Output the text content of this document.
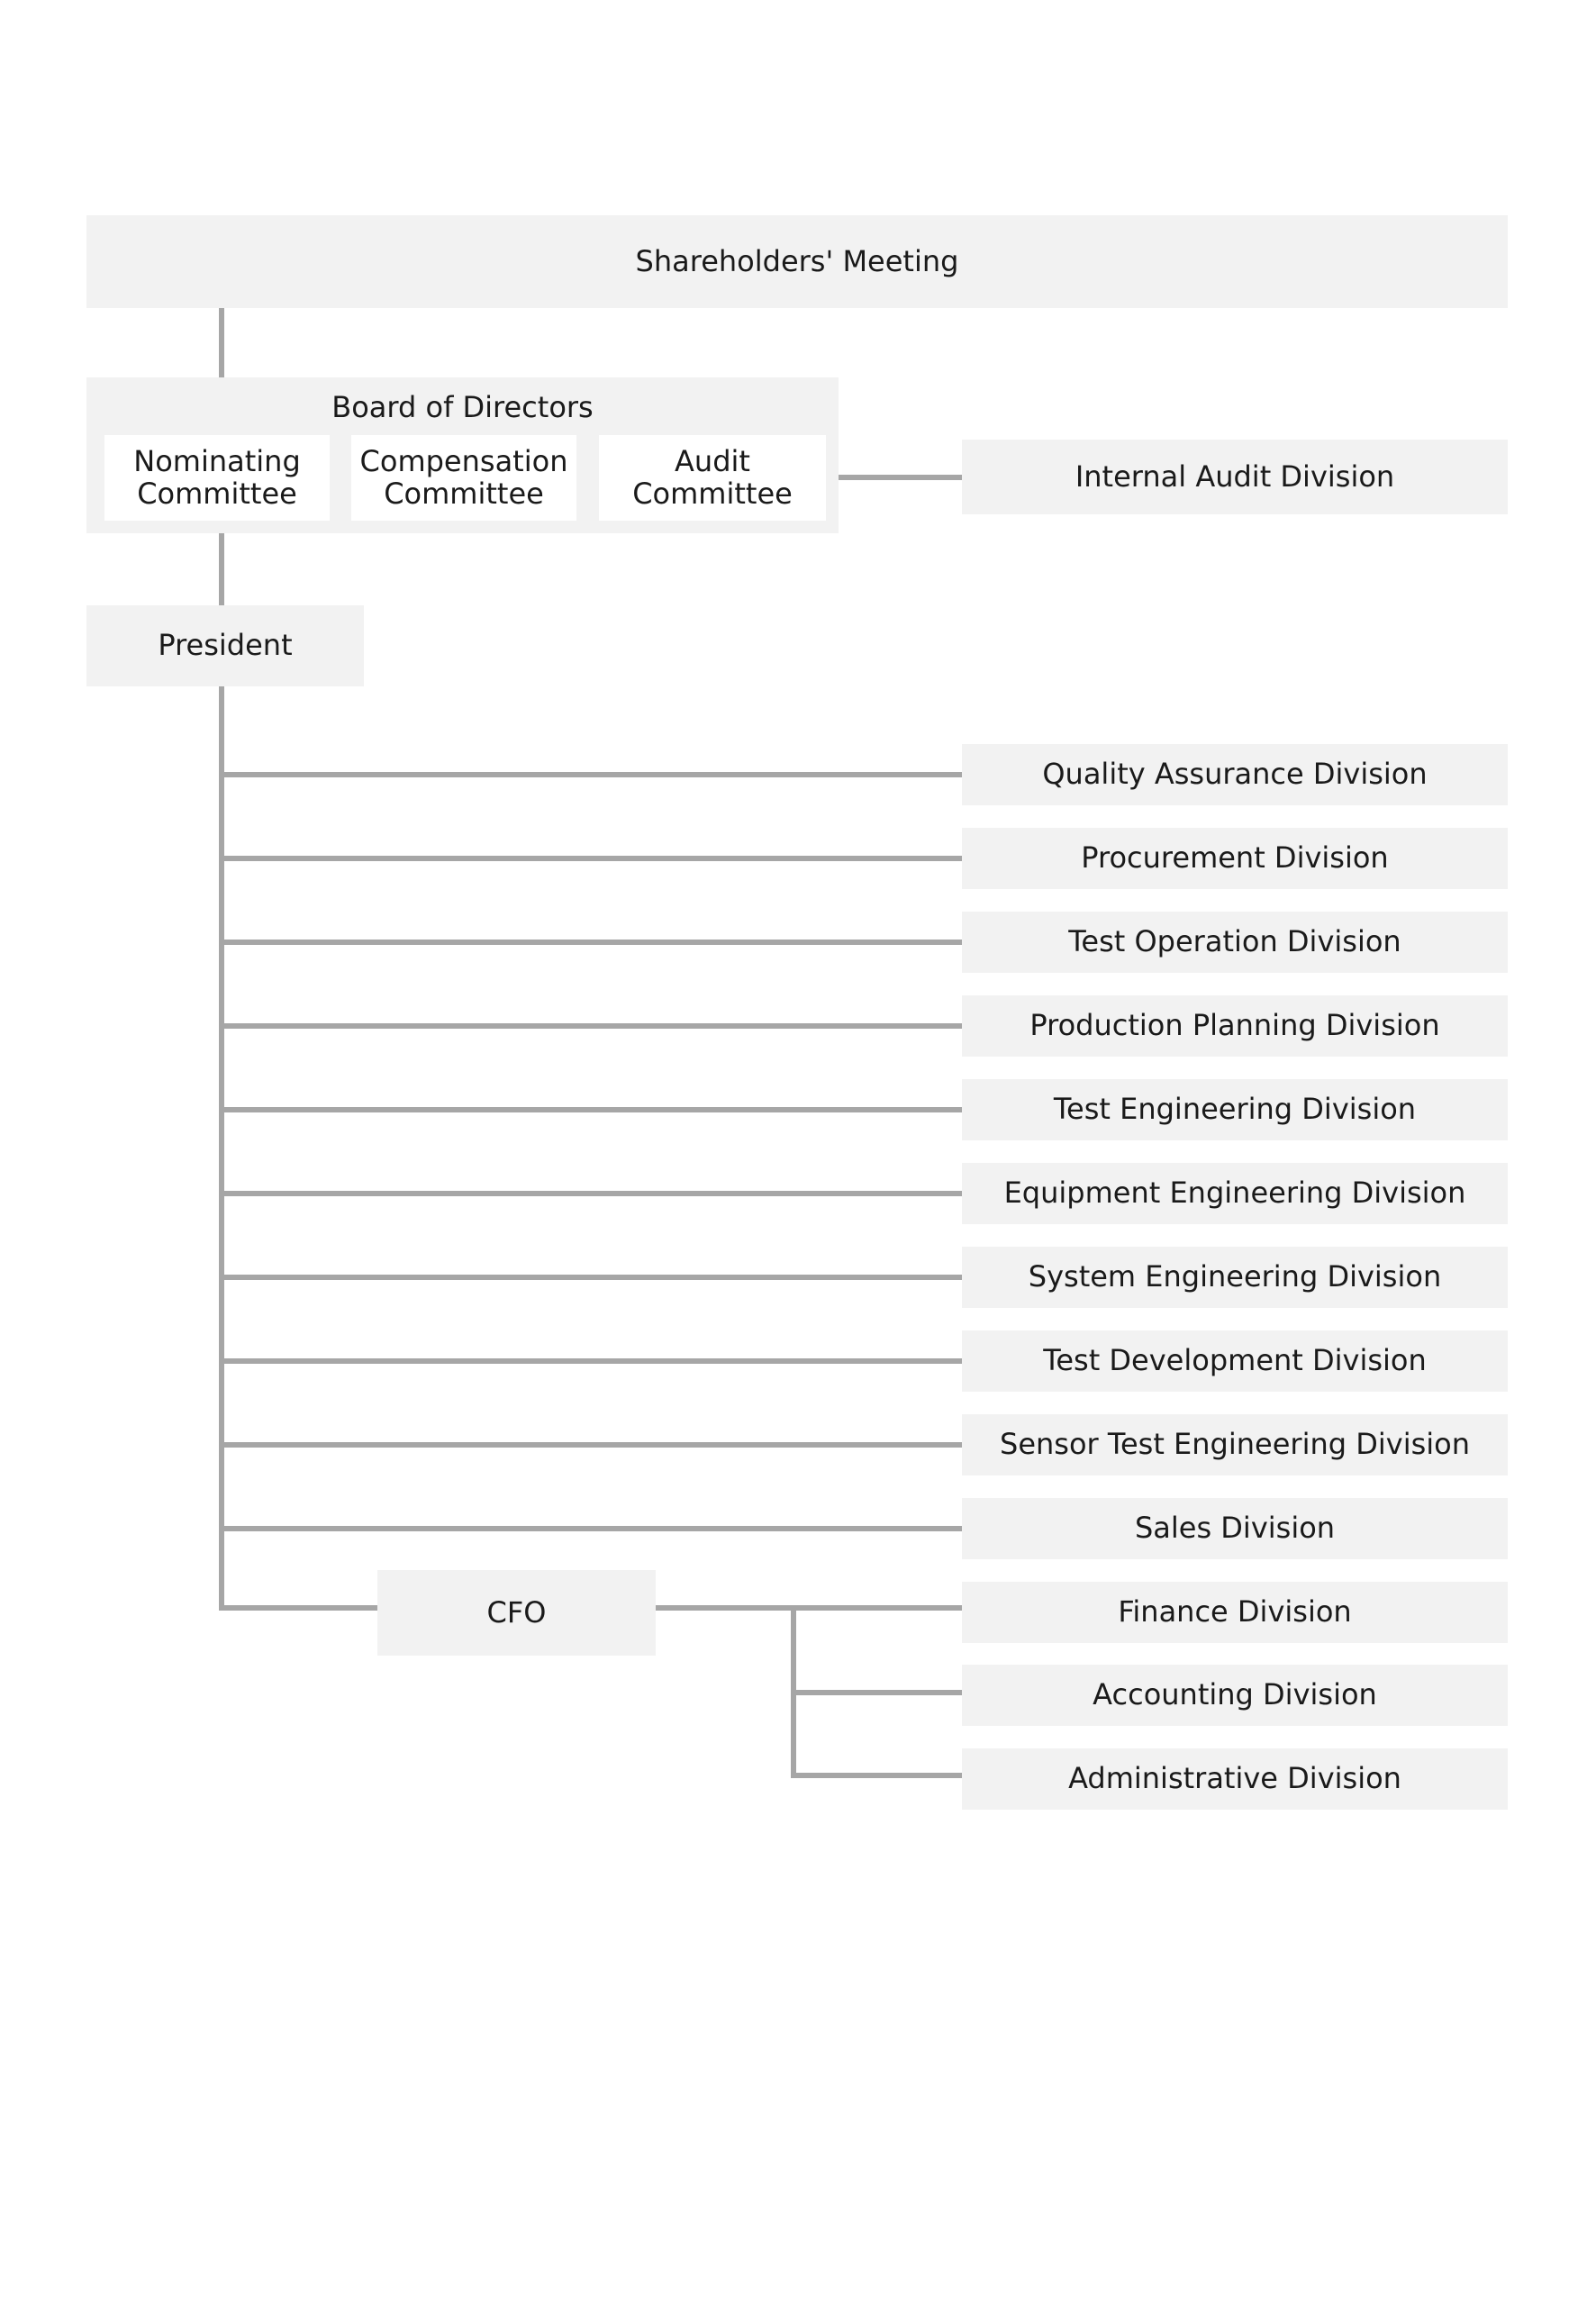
Shareholders' Meeting
Board of Directors
Nominating
Committee
Compensation
Committee
Audit
Committee	Internal Audit Division
President
Quality Assurance Division
Procurement Division
Test Operation Division
Production Planning Division
Test Engineering Division
Equipment Engineering Division
System Engineering Division
Test Development Division
Sensor Test Engineering Division
Sales Division
CFO	Finance Division
Accounting Division
Administrative Division
